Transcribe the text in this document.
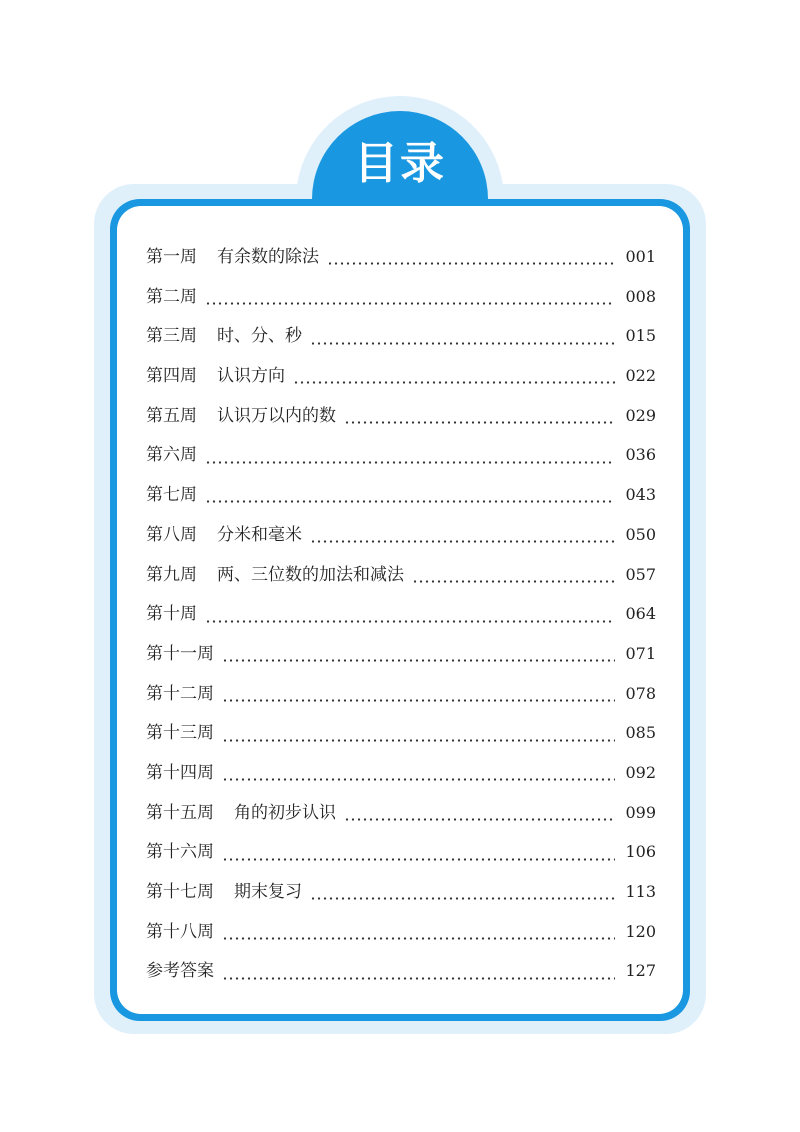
目录
第一周 有余数的除法	001
第二周	008
第三周 时、分、秒	015
第四周 认识方向	022
第五周 认识万以内的数	029
第六周	036
第七周	043
第八周 分米和毫米	050
第九周 两、三位数的加法和减法	057
第十周	064
第十一周	071
第十二周	078
第十三周	085
第十四周	092
第十五周 角的初步认识	099
第十六周	106
第十七周 期末复习	113
第十八周	120
参考答案	127
